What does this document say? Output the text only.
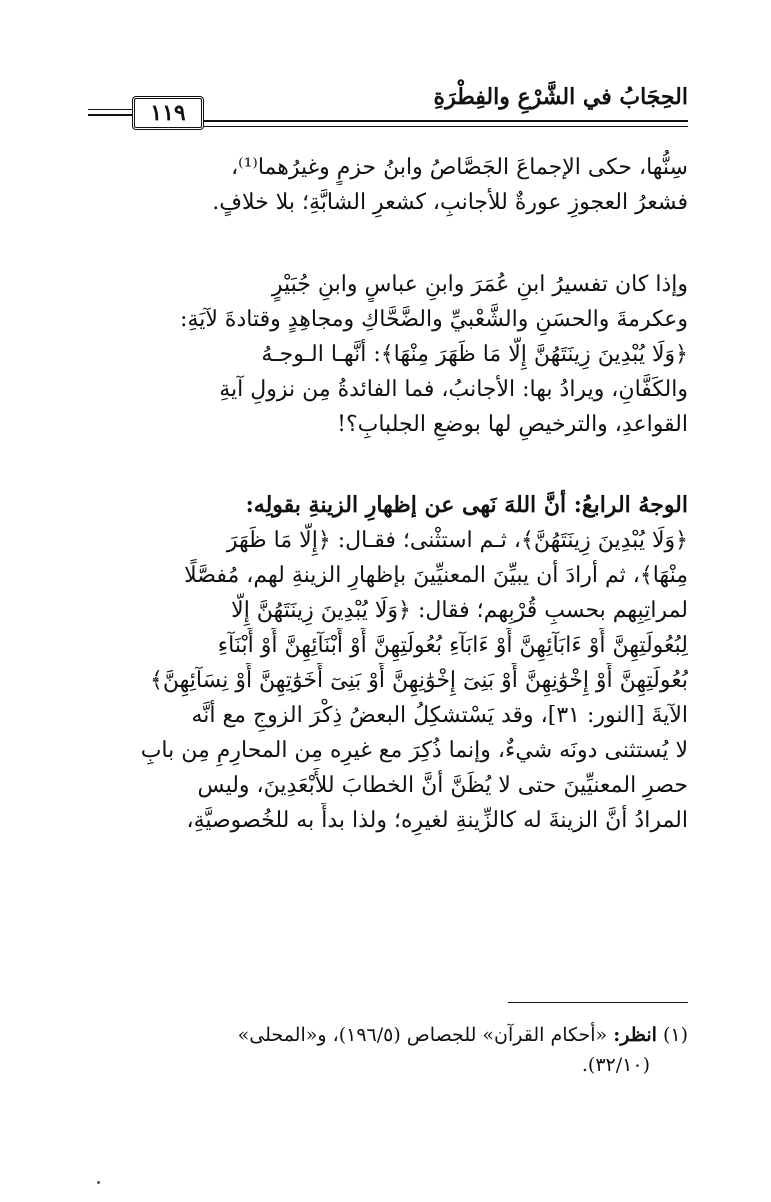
١١٩
الحِجَابُ في الشَّرْعِ والفِطْرَةِ
سِنُّها، حكى الإجماعَ الجَصَّاصُ وابنُ حزمٍ وغيرُهما⁽¹⁾،
فشعرُ العجوزِ عورةٌ للأجانبِ، كشعرِ الشابَّةِ؛ بلا خلافٍ.
وإذا كان تفسيرُ ابنِ عُمَرَ وابنِ عباسٍ وابنِ جُبَيْرٍ
وعكرمةَ والحسَنِ والشَّعْبيِّ والضَّحَّاكِ ومجاهِدٍ وقتادةَ لآيَةِ:
﴿وَلَا يُبْدِينَ زِينَتَهُنَّ إِلَّا مَا ظَهَرَ مِنْهَا﴾: أنَّهـا الـوجـهُ
والكَفَّانِ، ويرادُ بها: الأجانبُ، فما الفائدةُ مِن نزولِ آيةِ
القواعدِ، والترخيصِ لها بوضعِ الجلبابِ؟!
الوجهُ الرابعُ: أنَّ اللهَ نَهى عن إظهارِ الزينةِ بقولِه:
﴿وَلَا يُبْدِينَ زِينَتَهُنَّ﴾، ثـم استثْنى؛ فقـال: ﴿إِلَّا مَا ظَهَرَ
مِنْهَا﴾، ثم أرادَ أن يبيِّنَ المعنيِّينَ بإظهارِ الزينةِ لهم، مُفصَّلًا
لمراتِبِهم بحسبِ قُرْبِهم؛ فقال: ﴿وَلَا يُبْدِينَ زِينَتَهُنَّ إِلَّا
لِبُعُولَتِهِنَّ أَوْ ءَابَآئِهِنَّ أَوْ ءَابَآءِ بُعُولَتِهِنَّ أَوْ أَبْنَآئِهِنَّ أَوْ أَبْنَآءِ
بُعُولَتِهِنَّ أَوْ إِخْوَٰنِهِنَّ أَوْ بَنِىٓ إِخْوَٰنِهِنَّ أَوْ بَنِىٓ أَخَوَٰتِهِنَّ أَوْ نِسَآئِهِنَّ﴾
الآيةَ [النور: ٣١]، وقد يَسْتشكِلُ البعضُ ذِكْرَ الزوجِ مع أنَّه
لا يُستثنى دونَه شيءٌ، وإنما ذُكِرَ مع غيرِه مِن المحارِمِ مِن بابِ
حصرِ المعنيِّينَ حتى لا يُظَنَّ أنَّ الخطابَ للأَبْعَدِينَ، وليس
المرادُ أنَّ الزينةَ له كالزِّينةِ لغيرِه؛ ولذا بدأَ به للخُصوصيَّةِ،
(١) انظر: «أحكام القرآن» للجصاص (١٩٦/٥)، و«المحلى»
(٣٢/١٠).
